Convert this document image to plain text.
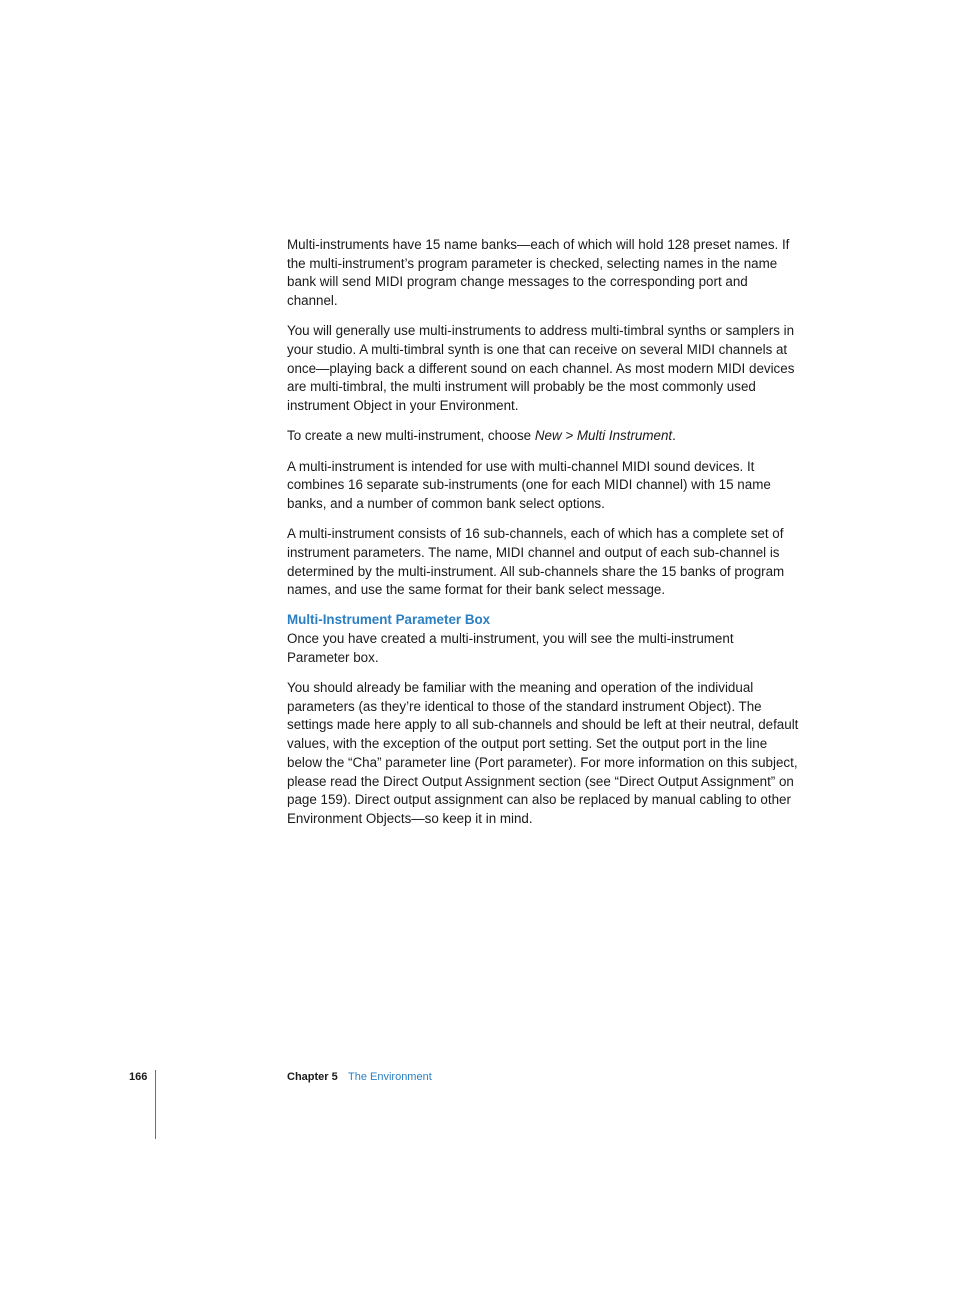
Multi-instruments have 15 name banks—each of which will hold 128 preset names. If the multi-instrument’s program parameter is checked, selecting names in the name bank will send MIDI program change messages to the corresponding port and channel.

You will generally use multi-instruments to address multi-timbral synths or samplers in your studio. A multi-timbral synth is one that can receive on several MIDI channels at once—playing back a different sound on each channel. As most modern MIDI devices are multi-timbral, the multi instrument will probably be the most commonly used instrument Object in your Environment.

To create a new multi-instrument, choose New > Multi Instrument.

A multi-instrument is intended for use with multi-channel MIDI sound devices. It combines 16 separate sub-instruments (one for each MIDI channel) with 15 name banks, and a number of common bank select options.

A multi-instrument consists of 16 sub-channels, each of which has a complete set of instrument parameters. The name, MIDI channel and output of each sub-channel is determined by the multi-instrument. All sub-channels share the 15 banks of program names, and use the same format for their bank select message.

Multi-Instrument Parameter Box

Once you have created a multi-instrument, you will see the multi-instrument Parameter box.

You should already be familiar with the meaning and operation of the individual parameters (as they’re identical to those of the standard instrument Object). The settings made here apply to all sub-channels and should be left at their neutral, default values, with the exception of the output port setting. Set the output port in the line below the “Cha” parameter line (Port parameter). For more information on this subject, please read the Direct Output Assignment section (see “Direct Output Assignment” on page 159). Direct output assignment can also be replaced by manual cabling to other Environment Objects—so keep it in mind.

166	Chapter 5 The Environment
